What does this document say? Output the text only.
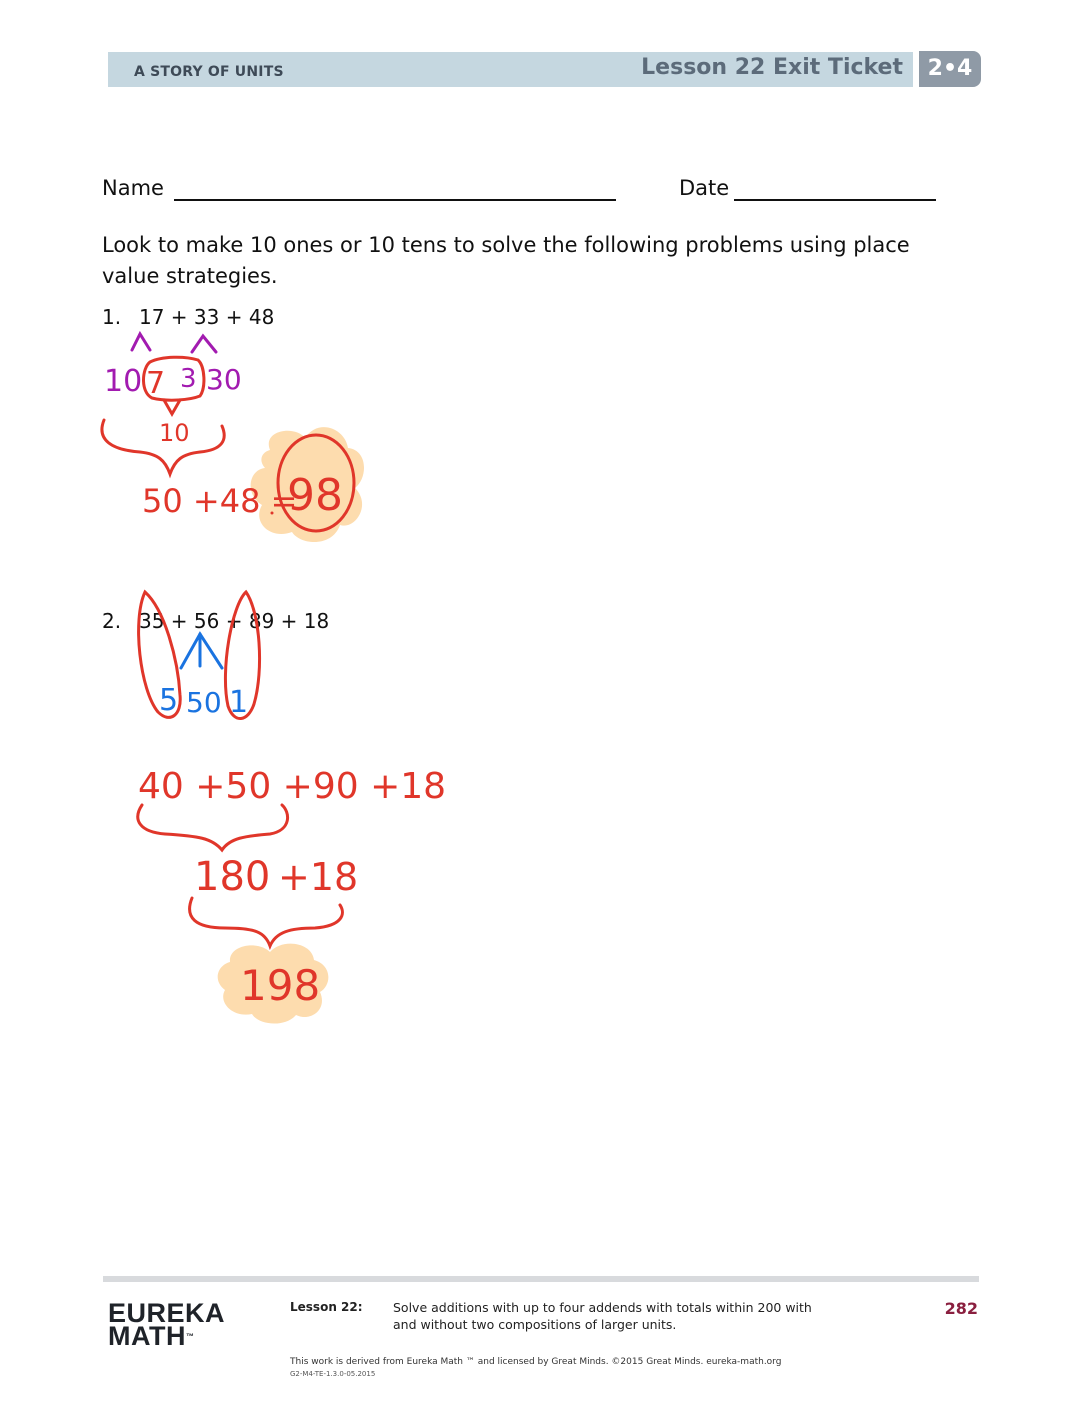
A STORY OF UNITS	Lesson 22 Exit Ticket	2•4
Name	Date
Look to make 10 ones or 10 tens to solve the following problems using place value strategies.
1. 17 + 33 + 48
2. 35 + 56 + 89 + 18
10 30
7 3
10
50 +48 =
98
5 50 1
40 +50 +90 +18
180 +18
198
EUREKA
MATH™
Lesson 22: Solve additions with up to four addends with totals within 200 with and without two compositions of larger units.
282
This work is derived from Eureka Math ™ and licensed by Great Minds. ©2015 Great Minds. eureka-math.org
G2-M4-TE-1.3.0-05.2015
